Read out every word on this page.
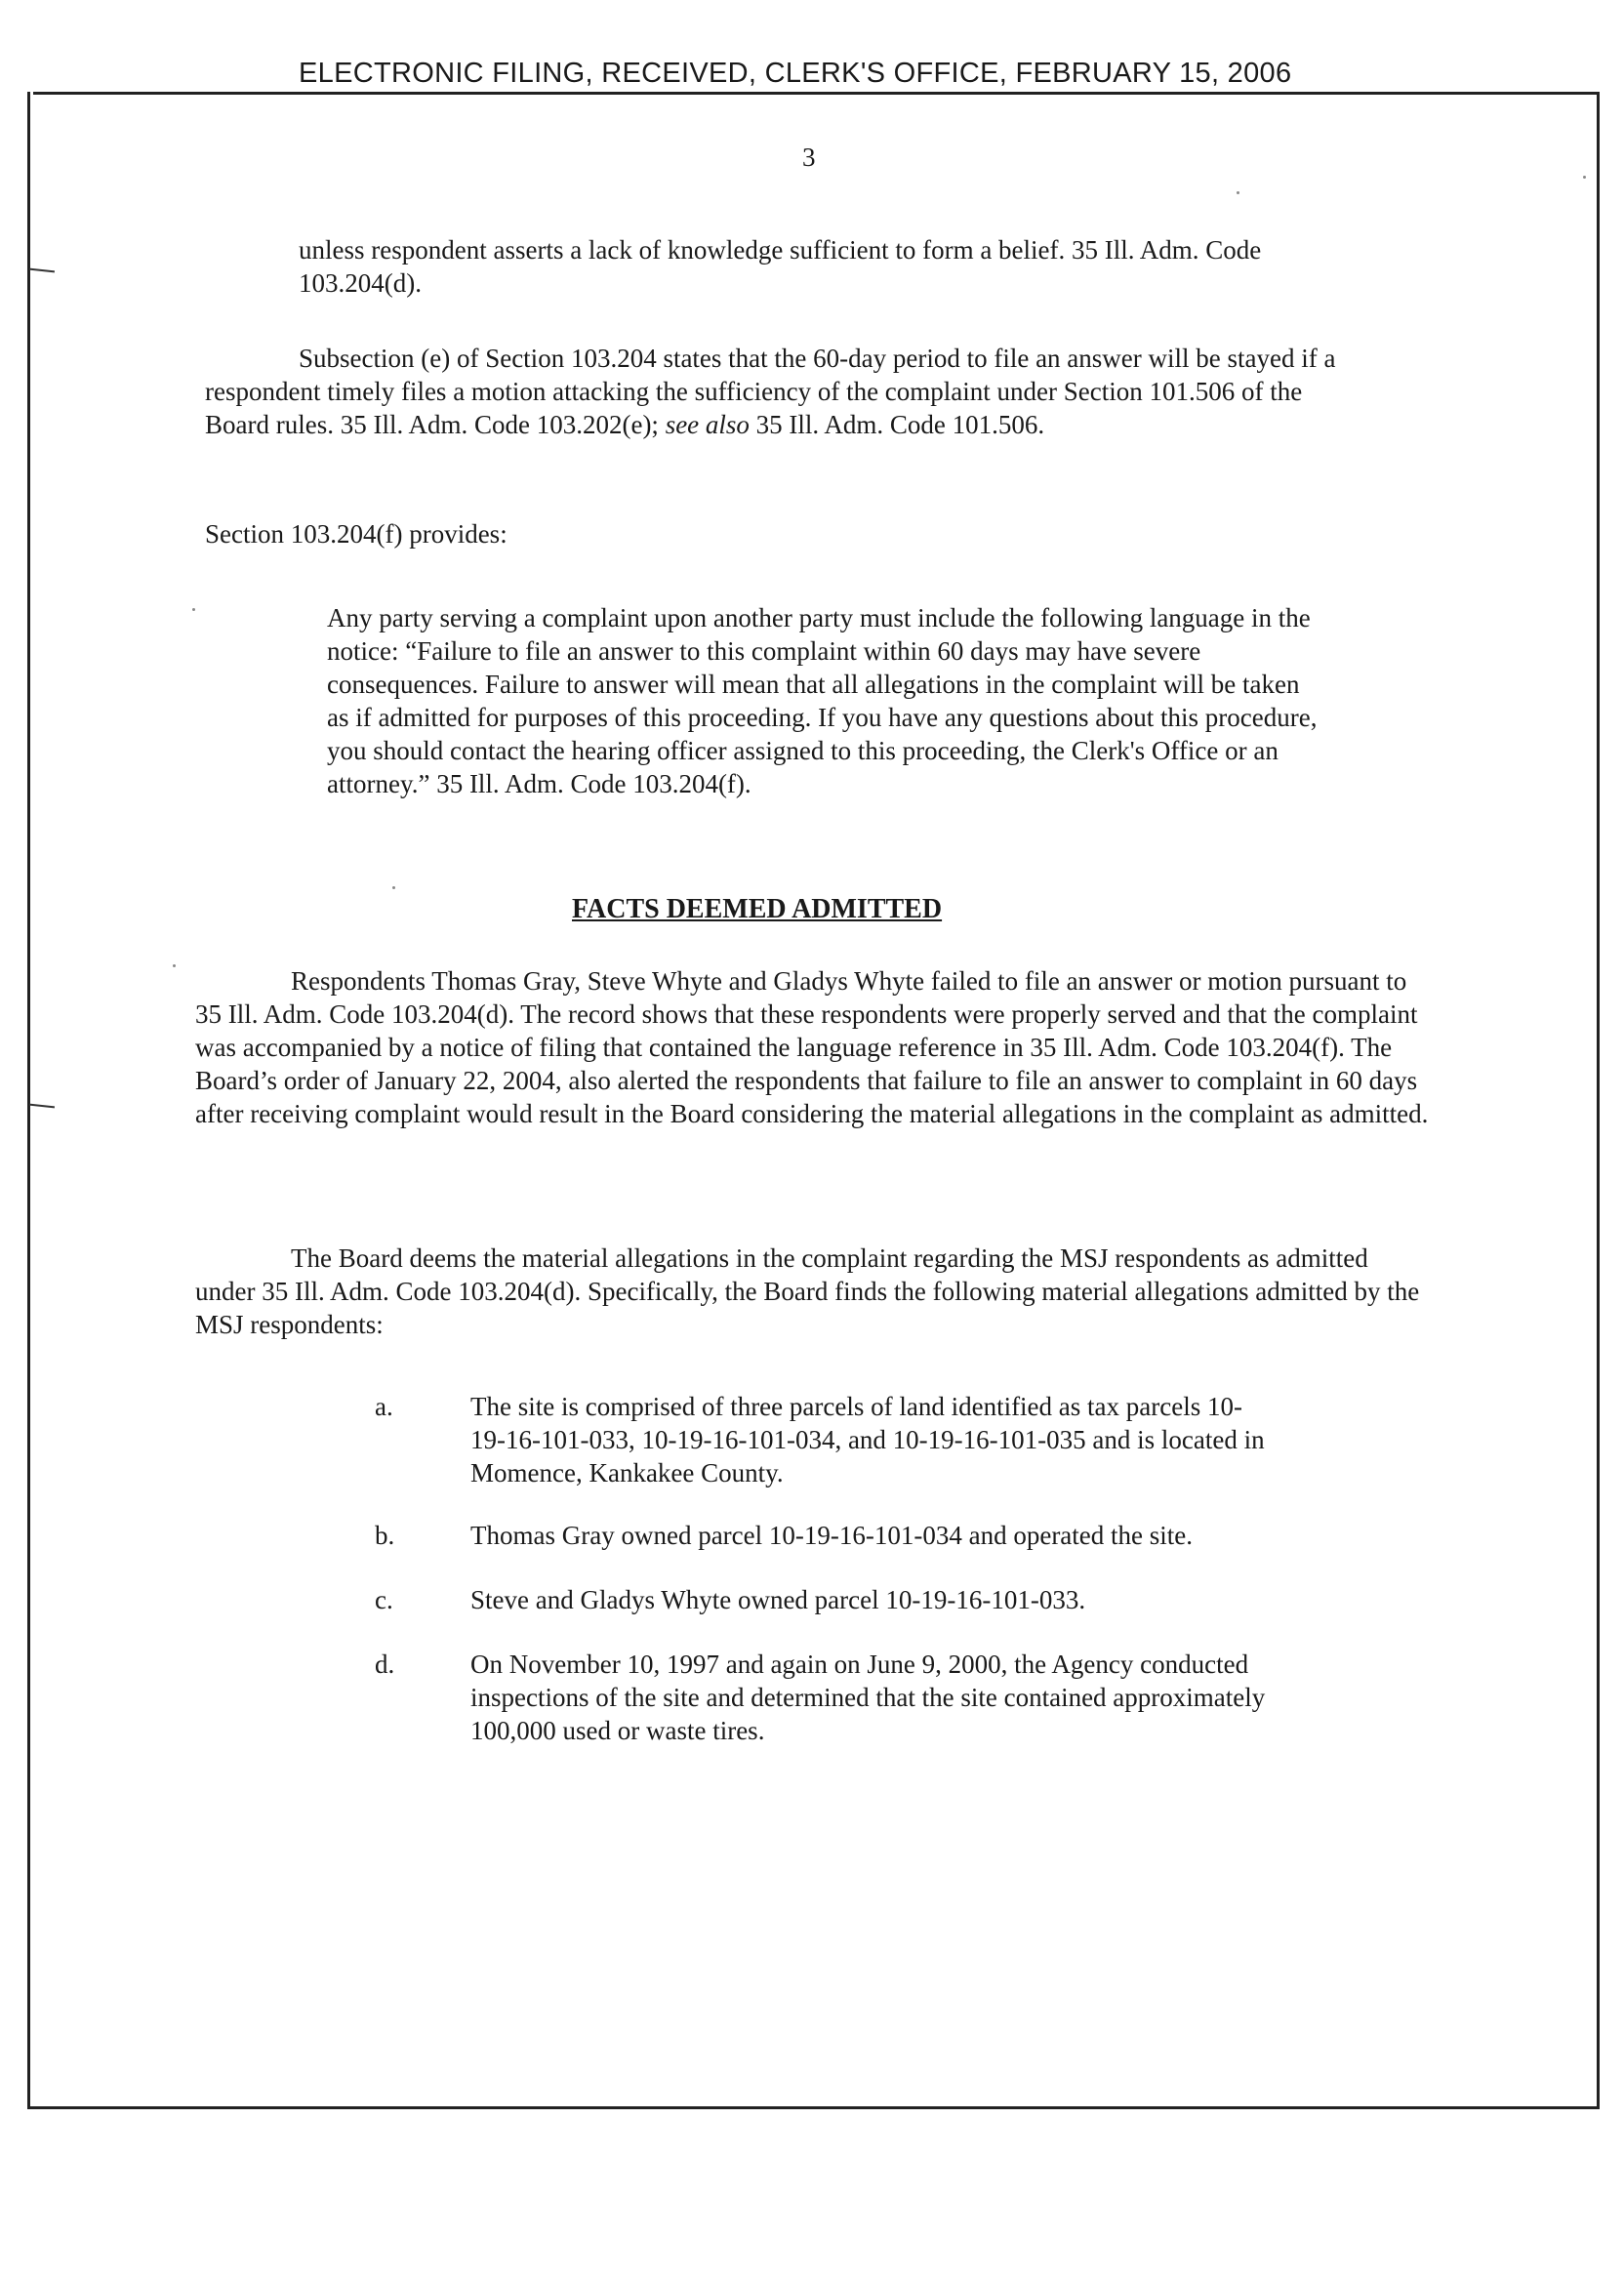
ELECTRONIC FILING, RECEIVED, CLERK'S OFFICE, FEBRUARY 15, 2006

3

unless respondent asserts a lack of knowledge sufficient to form a belief. 35 Ill. Adm. Code 103.204(d).

Subsection (e) of Section 103.204 states that the 60-day period to file an answer will be stayed if a respondent timely files a motion attacking the sufficiency of the complaint under Section 101.506 of the Board rules. 35 Ill. Adm. Code 103.202(e); see also 35 Ill. Adm. Code 101.506.

Section 103.204(f) provides:

Any party serving a complaint upon another party must include the following language in the notice: “Failure to file an answer to this complaint within 60 days may have severe consequences. Failure to answer will mean that all allegations in the complaint will be taken as if admitted for purposes of this proceeding. If you have any questions about this procedure, you should contact the hearing officer assigned to this proceeding, the Clerk's Office or an attorney.” 35 Ill. Adm. Code 103.204(f).

FACTS DEEMED ADMITTED

Respondents Thomas Gray, Steve Whyte and Gladys Whyte failed to file an answer or motion pursuant to 35 Ill. Adm. Code 103.204(d). The record shows that these respondents were properly served and that the complaint was accompanied by a notice of filing that contained the language reference in 35 Ill. Adm. Code 103.204(f). The Board’s order of January 22, 2004, also alerted the respondents that failure to file an answer to complaint in 60 days after receiving complaint would result in the Board considering the material allegations in the complaint as admitted.

The Board deems the material allegations in the complaint regarding the MSJ respondents as admitted under 35 Ill. Adm. Code 103.204(d). Specifically, the Board finds the following material allegations admitted by the MSJ respondents:

a.	The site is comprised of three parcels of land identified as tax parcels 10-19-16-101-033, 10-19-16-101-034, and 10-19-16-101-035 and is located in Momence, Kankakee County.
b.	Thomas Gray owned parcel 10-19-16-101-034 and operated the site.
c.	Steve and Gladys Whyte owned parcel 10-19-16-101-033.
d.	On November 10, 1997 and again on June 9, 2000, the Agency conducted inspections of the site and determined that the site contained approximately 100,000 used or waste tires.
